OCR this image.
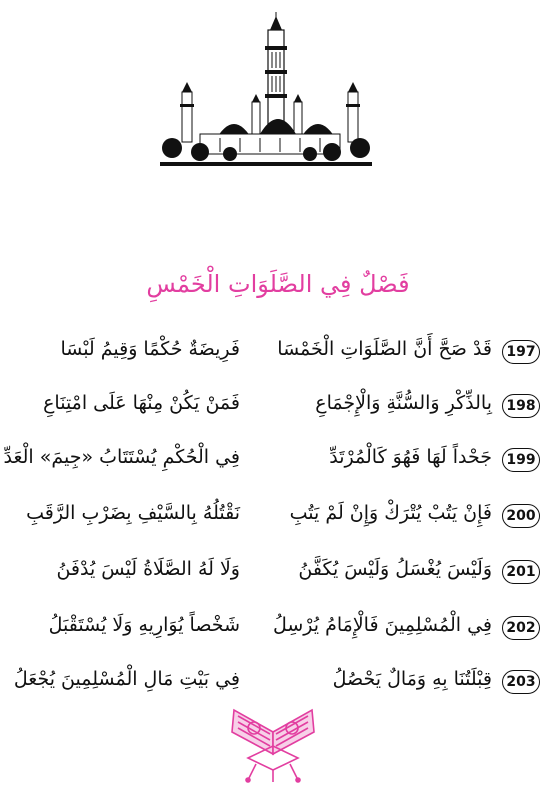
فَصْلٌ فِي الصَّلَوَاتِ الْخَمْسِ
197
قَدْ صَحَّ أَنَّ الصَّلَوَاتِ الْخَمْسَا
فَرِيضَةٌ حُكْمًا وَقِيمُ لَبْسَا
198
بِالذِّكْرِ وَالسُّنَّةِ وَالْإِجْمَاعِ
فَمَنْ يَكُنْ مِنْهَا عَلَى امْتِنَاعِ
199
جَحْداً لَهَا فَهُوَ كَالْمُرْتَدِّ
فِي الْحُكْمِ يُسْتَتَابُ «جِيمَ» الْعَدِّ
200
فَإِنْ يَتُبْ يُتْرَكْ وَإِنْ لَمْ يَتُبِ
نَقْتُلُهُ بِالسَّيْفِ بِضَرْبِ الرَّقَبِ
201
وَلَيْسَ يُغْسَلُ وَلَيْسَ يُكَفَّنُ
وَلَا لَهُ الصَّلَاةُ لَيْسَ يُدْفَنُ
202
فِي الْمُسْلِمِينَ فَالْإِمَامُ يُرْسِلُ
شَخْصاً يُوَارِيهِ وَلَا يُسْتَقْبَلُ
203
قِبْلَتُنَا بِهِ وَمَالٌ يَحْصُلُ
فِي بَيْتِ مَالِ الْمُسْلِمِينَ يُجْعَلُ
